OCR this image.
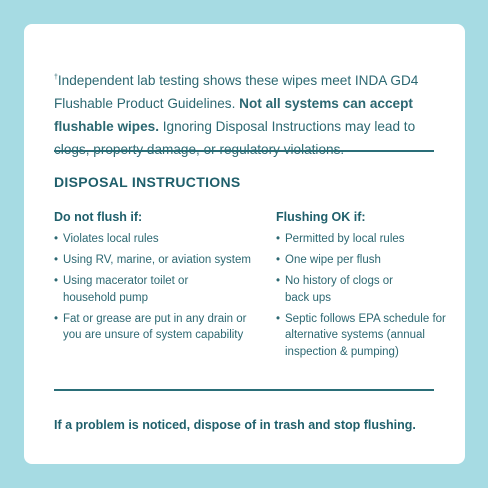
†Independent lab testing shows these wipes meet INDA GD4 Flushable Product Guidelines. Not all systems can accept flushable wipes. Ignoring Disposal Instructions may lead to

DISPOSAL INSTRUCTIONS
Do not flush if:
• Violates local rules
• Using RV, marine, or aviation system
• Using macerator toilet or household pump
• Fat or grease are put in any drain or you are unsure of system capability
Flushing OK if:
• Permitted by local rules
• One wipe per flush
• No history of clogs or back ups
• Septic follows EPA schedule for alternative systems (annual inspection & pumping)
If a problem is noticed, dispose of in trash and stop flushing.
